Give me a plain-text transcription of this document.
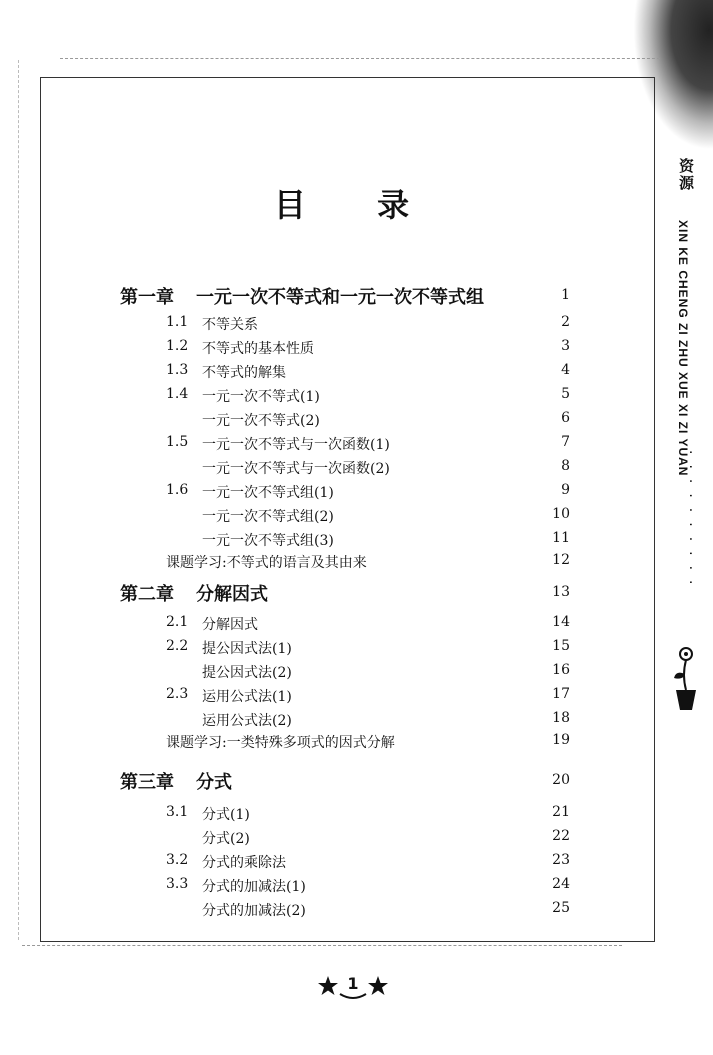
资源
XIN KE CHENG ZI ZHU XUE XI ZI YUAN
··········
目 录
第一章 一元一次不等式和一元一次不等式组	1
第二章 分解因式	13
第三章 分式	20
1.1 不等关系	2
1.2 不等式的基本性质	3
1.3 不等式的解集	4
1.4 一元一次不等式(1)	5
一元一次不等式(2)	6
1.5 一元一次不等式与一次函数(1)	7
一元一次不等式与一次函数(2)	8
1.6 一元一次不等式组(1)	9
一元一次不等式组(2)	10
一元一次不等式组(3)	11
课题学习:不等式的语言及其由来	12
2.1 分解因式	14
2.2 提公因式法(1)	15
提公因式法(2)	16
2.3 运用公式法(1)	17
运用公式法(2)	18
课题学习:一类特殊多项式的因式分解	19
3.1 分式(1)	21
分式(2)	22
3.2 分式的乘除法	23
3.3 分式的加减法(1)	24
分式的加减法(2)	25
1
